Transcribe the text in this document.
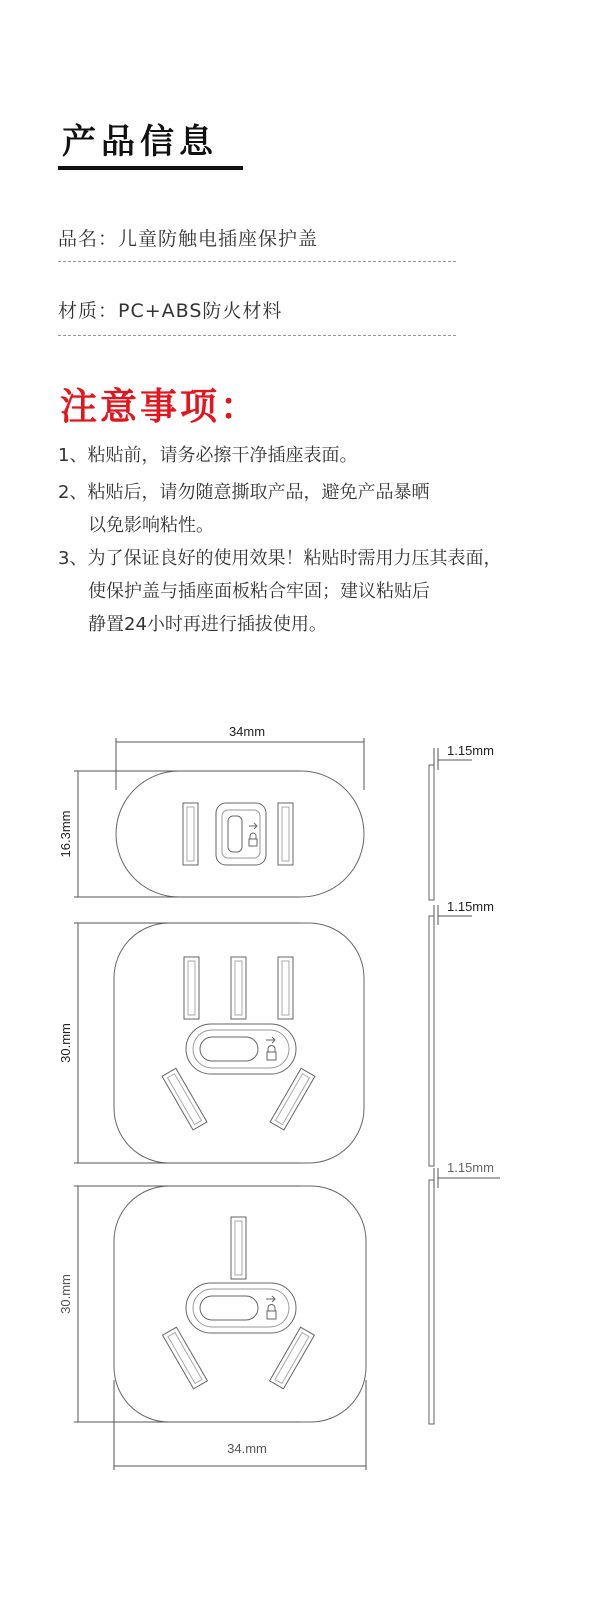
产品信息
品名：儿童防触电插座保护盖
材质：PC+ABS防火材料
注意事项：
1、粘贴前，请务必擦干净插座表面。
2、粘贴后，请勿随意撕取产品，避免产品暴晒
以免影响粘性。
3、为了保证良好的使用效果！粘贴时需用力压其表面，
使保护盖与插座面板粘合牢固；建议粘贴后
静置24小时再进行插拔使用。
34mm
16.3mm
30.mm
30.mm
34.mm
1.15mm
1.15mm
1.15mm
